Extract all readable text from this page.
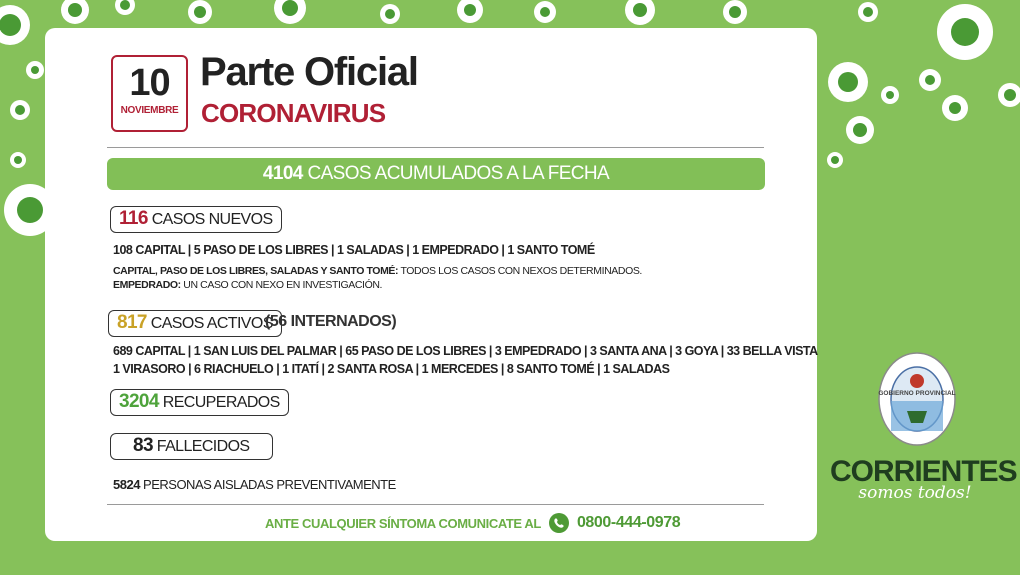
10
NOVIEMBRE
Parte Oficial
CORONAVIRUS
4104 CASOS ACUMULADOS A LA FECHA
116 CASOS NUEVOS
108 CAPITAL | 5 PASO DE LOS LIBRES | 1 SALADAS | 1 EMPEDRADO | 1 SANTO TOMÉ
CAPITAL, PASO DE LOS LIBRES, SALADAS Y SANTO TOMÉ: TODOS LOS CASOS CON NEXOS DETERMINADOS.
EMPEDRADO: UN CASO CON NEXO EN INVESTIGACIÓN.
817 CASOS ACTIVOS
(56 INTERNADOS)
689 CAPITAL | 1 SAN LUIS DEL PALMAR | 65 PASO DE LOS LIBRES | 3 EMPEDRADO | 3 SANTA ANA | 3 GOYA | 33 BELLA VISTA
1 VIRASORO | 6 RIACHUELO | 1 ITATÍ | 2 SANTA ROSA | 1 MERCEDES | 8 SANTO TOMÉ | 1 SALADAS
3204 RECUPERADOS
83 FALLECIDOS
5824 PERSONAS AISLADAS PREVENTIVAMENTE
ANTE CUALQUIER SÍNTOMA COMUNICATE AL 0800-444-0978
GOBIERNO PROVINCIAL
CORRIENTES
somos todos!
